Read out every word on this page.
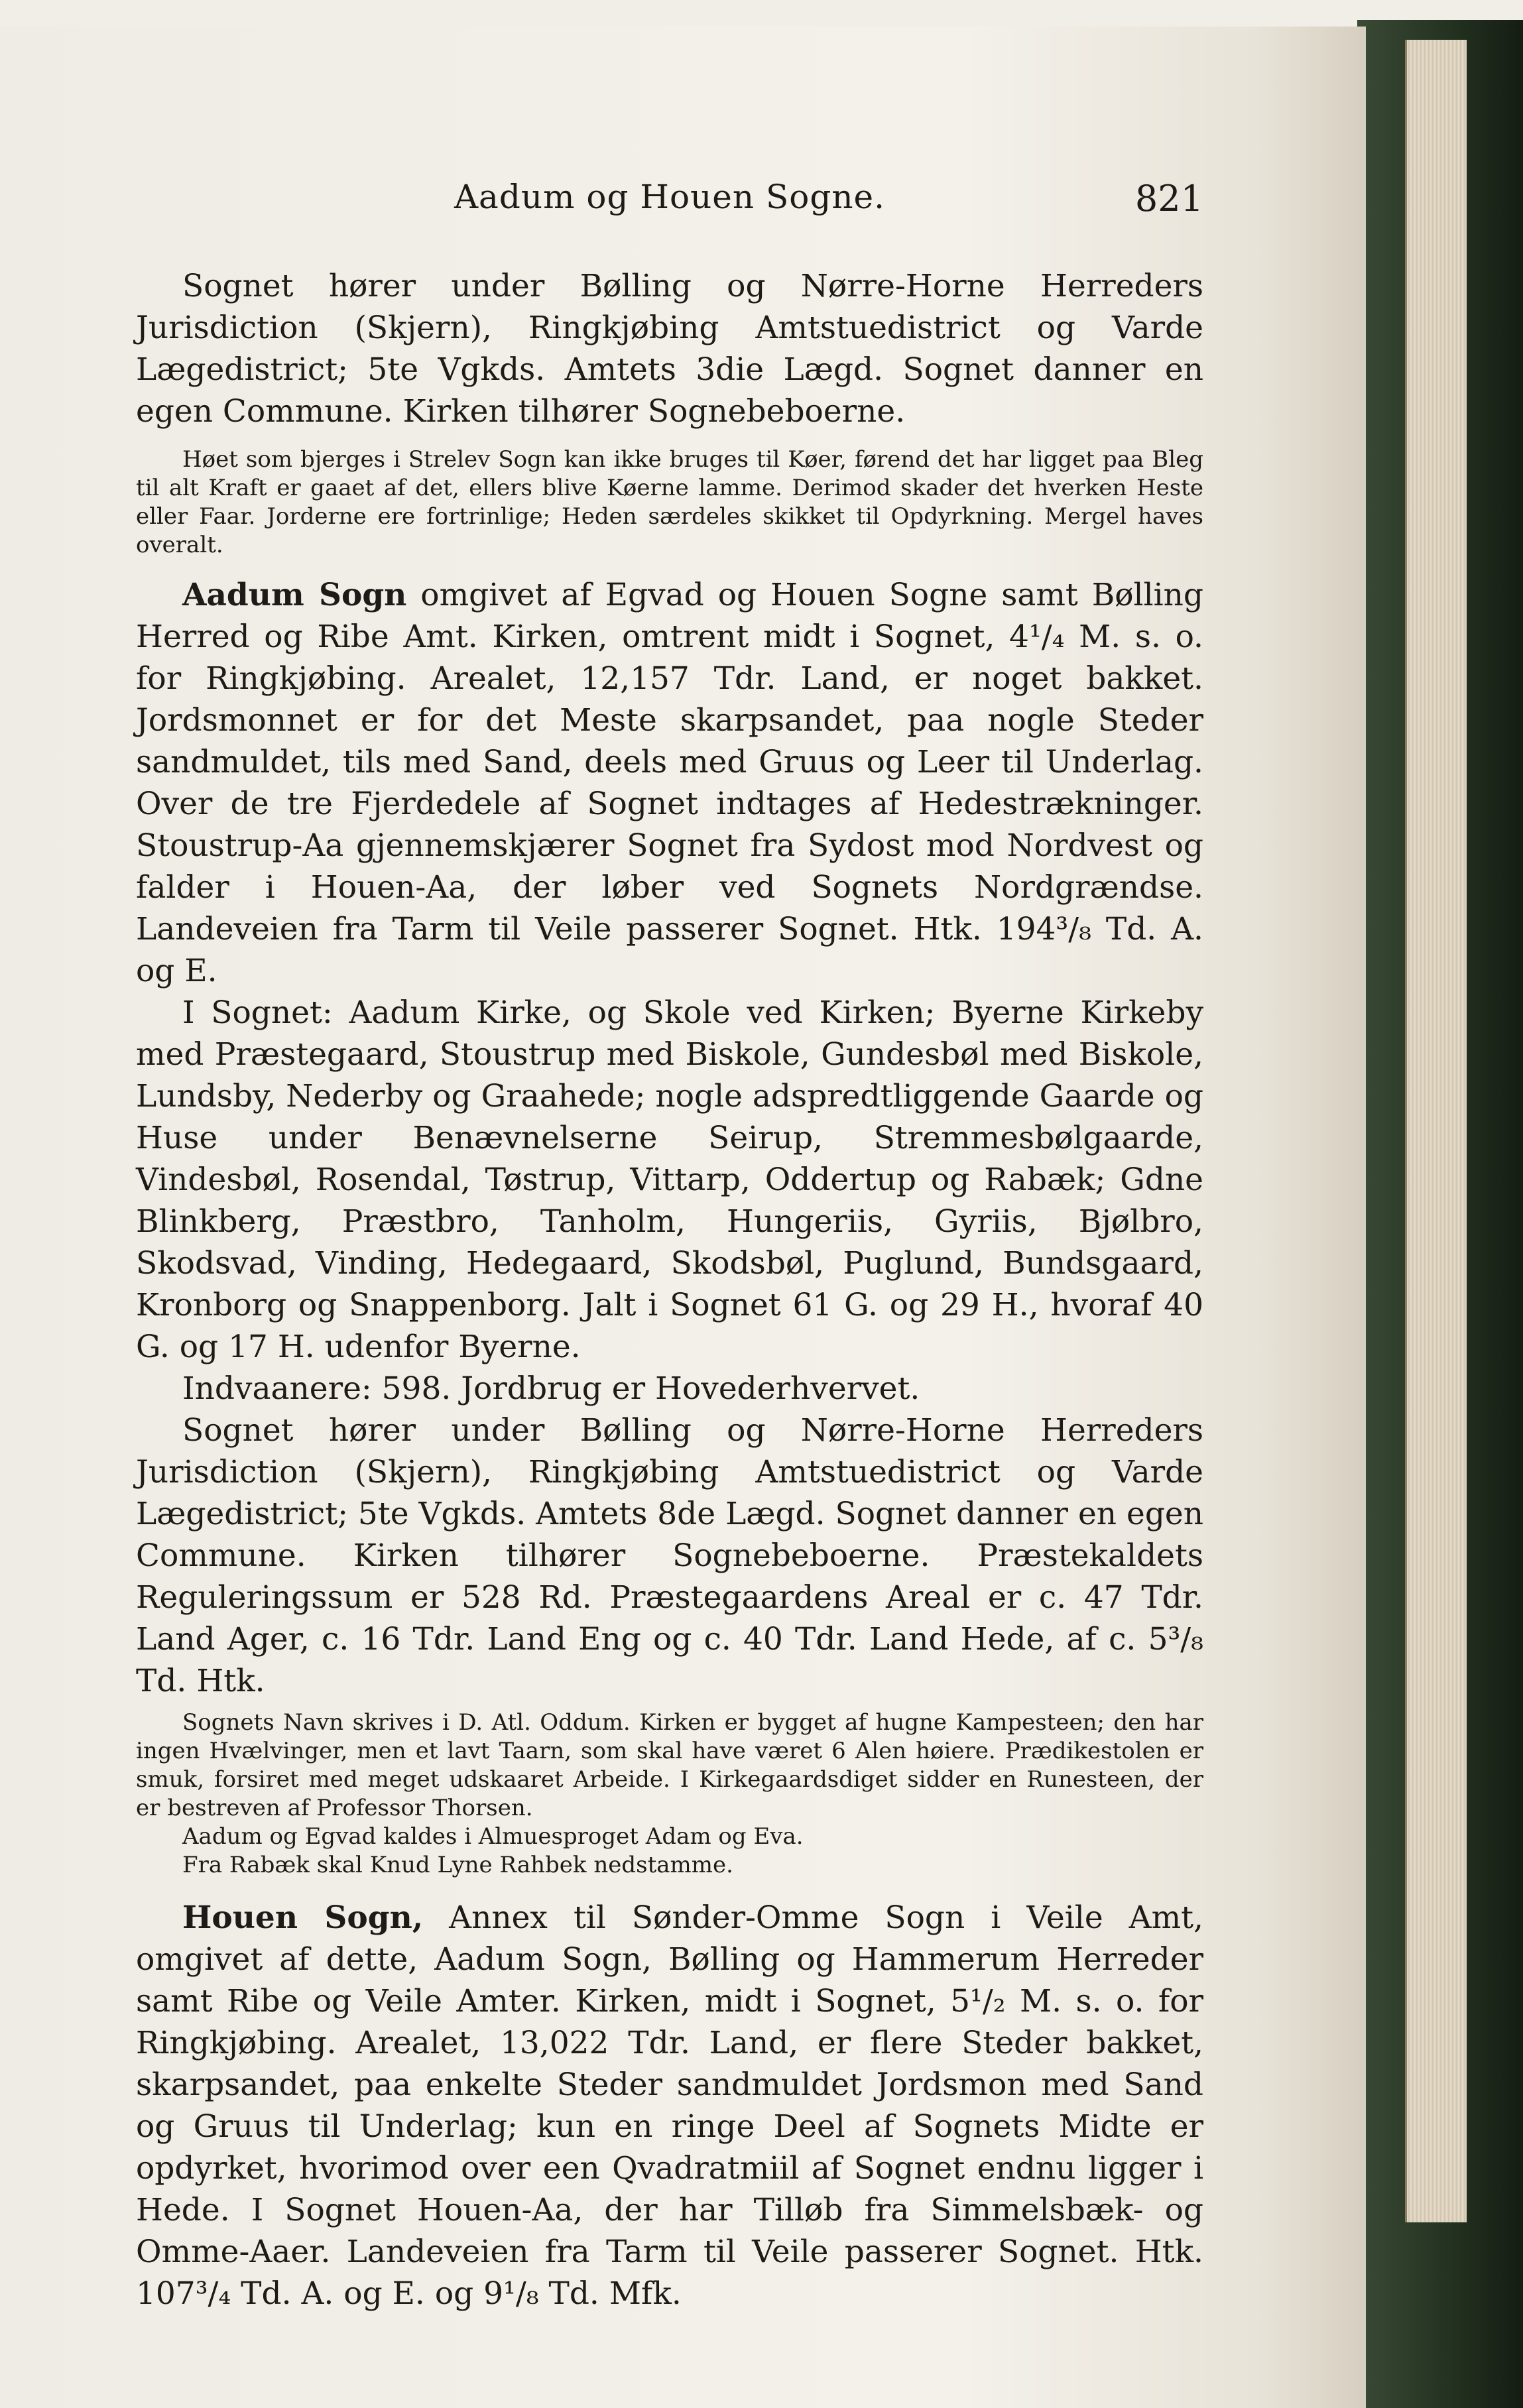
Aadum og Houen Sogne.	821

Sognet hører under Bølling og Nørre-Horne Herreders Jurisdiction (Skjern), Ringkjøbing Amtstuedistrict og Varde Lægedistrict; 5te Vgkds. Amtets 3die Lægd. Sognet danner en egen Commune. Kirken tilhører Sognebeboerne.

Høet som bjerges i Strelev Sogn kan ikke bruges til Køer, førend det har ligget paa Bleg til alt Kraft er gaaet af det, ellers blive Køerne lamme. Derimod skader det hverken Heste eller Faar. Jorderne ere fortrinlige; Heden særdeles skikket til Opdyrkning. Mergel haves overalt.

Aadum Sogn omgivet af Egvad og Houen Sogne samt Bølling Herred og Ribe Amt. Kirken, omtrent midt i Sognet, 4¹/₄ M. s. o. for Ringkjøbing. Arealet, 12,157 Tdr. Land, er noget bakket. Jordsmonnet er for det Meste skarpsandet, paa nogle Steder sandmuldet, tils med Sand, deels med Gruus og Leer til Underlag. Over de tre Fjerdedele af Sognet indtages af Hedestrækninger. Stoustrup-Aa gjennemskjærer Sognet fra Sydost mod Nordvest og falder i Houen-Aa, der løber ved Sognets Nordgrændse. Landeveien fra Tarm til Veile passerer Sognet. Htk. 194³/₈ Td. A. og E.

I Sognet: Aadum Kirke, og Skole ved Kirken; Byerne Kirkeby med Præstegaard, Stoustrup med Biskole, Gundesbøl med Biskole, Lundsby, Nederby og Graahede; nogle adspredtliggende Gaarde og Huse under Benævnelserne Seirup, Stremmesbølgaarde, Vindesbøl, Rosendal, Tøstrup, Vittarp, Oddertup og Rabæk; Gdne Blinkberg, Præstbro, Tanholm, Hungeriis, Gyriis, Bjølbro, Skodsvad, Vinding, Hedegaard, Skodsbøl, Puglund, Bundsgaard, Kronborg og Snappenborg. Jalt i Sognet 61 G. og 29 H., hvoraf 40 G. og 17 H. udenfor Byerne.

Indvaanere: 598. Jordbrug er Hovederhvervet.

Sognet hører under Bølling og Nørre-Horne Herreders Jurisdiction (Skjern), Ringkjøbing Amtstuedistrict og Varde Lægedistrict; 5te Vgkds. Amtets 8de Lægd. Sognet danner en egen Commune. Kirken tilhører Sognebeboerne. Præstekaldets Reguleringssum er 528 Rd. Præstegaardens Areal er c. 47 Tdr. Land Ager, c. 16 Tdr. Land Eng og c. 40 Tdr. Land Hede, af c. 5³/₈ Td. Htk.

Sognets Navn skrives i D. Atl. Oddum. Kirken er bygget af hugne Kampesteen; den har ingen Hvælvinger, men et lavt Taarn, som skal have været 6 Alen høiere. Prædikestolen er smuk, forsiret med meget udskaaret Arbeide. I Kirkegaardsdiget sidder en Runesteen, der er bestreven af Professor Thorsen.

Aadum og Egvad kaldes i Almuesproget Adam og Eva.

Fra Rabæk skal Knud Lyne Rahbek nedstamme.

Houen Sogn, Annex til Sønder-Omme Sogn i Veile Amt, omgivet af dette, Aadum Sogn, Bølling og Hammerum Herreder samt Ribe og Veile Amter. Kirken, midt i Sognet, 5¹/₂ M. s. o. for Ringkjøbing. Arealet, 13,022 Tdr. Land, er flere Steder bakket, skarpsandet, paa enkelte Steder sandmuldet Jordsmon med Sand og Gruus til Underlag; kun en ringe Deel af Sognets Midte er opdyrket, hvorimod over een Qvadratmiil af Sognet endnu ligger i Hede. I Sognet Houen-Aa, der har Tilløb fra Simmelsbæk- og Omme-Aaer. Landeveien fra Tarm til Veile passerer Sognet. Htk. 107³/₄ Td. A. og E. og 9¹/₈ Td. Mfk.
